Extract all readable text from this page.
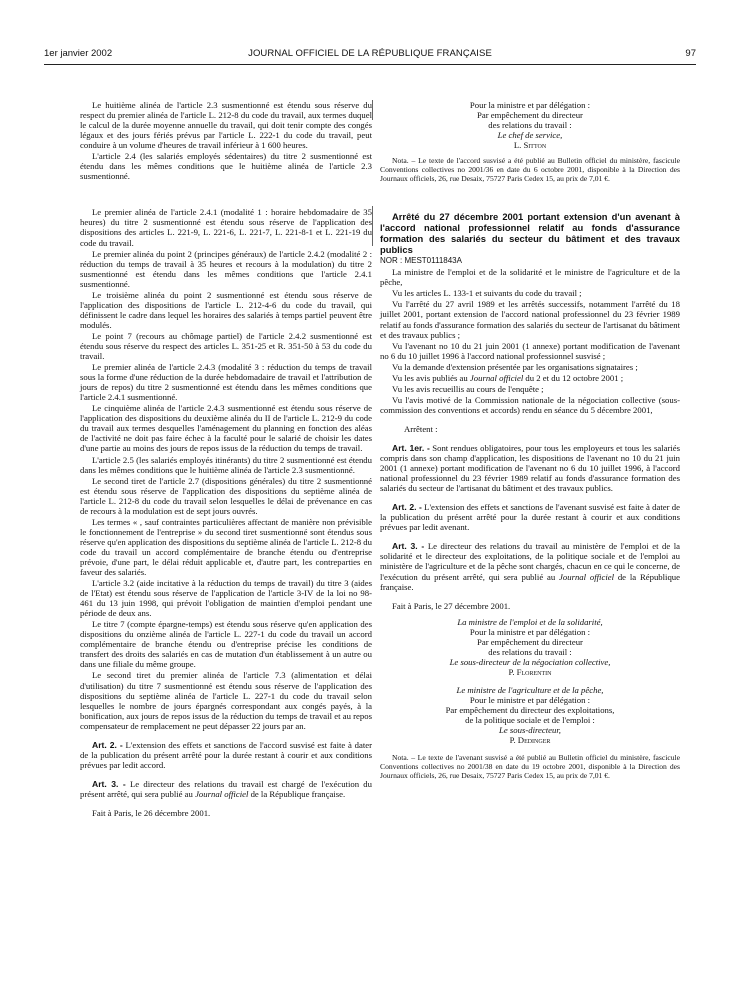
1er janvier 2002	JOURNAL OFFICIEL DE LA RÉPUBLIQUE FRANÇAISE	97

Le huitième alinéa de l'article 2.3 susmentionné est étendu sous réserve du respect du premier alinéa de l'article L. 212-8 du code du travail, aux termes duquel le calcul de la durée moyenne annuelle du travail, qui doit tenir compte des congés légaux et des jours fériés prévus par l'article L. 222-1 du code du travail, peut conduire à un volume d'heures de travail inférieur à 1 600 heures.

L'article 2.4 (les salariés employés sédentaires) du titre 2 susmentionné est étendu dans les mêmes conditions que le huitième alinéa de l'article 2.3 susmentionné.

Le premier alinéa de l'article 2.4.1 (modalité 1 : horaire hebdomadaire de 35 heures) du titre 2 susmentionné est étendu sous réserve de l'application des dispositions des articles L. 221-9, L. 221-6, L. 221-7, L. 221-8-1 et L. 221-19 du code du travail.

Le premier alinéa du point 2 (principes généraux) de l'article 2.4.2 (modalité 2 : réduction du temps de travail à 35 heures et recours à la modulation) du titre 2 susmentionné est étendu dans les mêmes conditions que l'article 2.4.1 susmentionné.

Le troisième alinéa du point 2 susmentionné est étendu sous réserve de l'application des dispositions de l'article L. 212-4-6 du code du travail, qui définissent le cadre dans lequel les horaires des salariés à temps partiel peuvent être modulés.

Le point 7 (recours au chômage partiel) de l'article 2.4.2 susmentionné est étendu sous réserve du respect des articles L. 351-25 et R. 351-50 à 53 du code du travail.

Le premier alinéa de l'article 2.4.3 (modalité 3 : réduction du temps de travail sous la forme d'une réduction de la durée hebdomadaire de travail et l'attribution de jours de repos) du titre 2 susmentionné est étendu dans les mêmes conditions que l'article 2.4.1 susmentionné.

Le cinquième alinéa de l'article 2.4.3 susmentionné est étendu sous réserve de l'application des dispositions du deuxième alinéa du II de l'article L. 212-9 du code du travail aux termes desquelles l'aménagement du planning en fonction des aléas de l'activité ne doit pas faire échec à la faculté pour le salarié de choisir les dates d'une partie au moins des jours de repos issus de la réduction du temps de travail.

L'article 2.5 (les salariés employés itinérants) du titre 2 susmentionné est étendu dans les mêmes conditions que le huitième alinéa de l'article 2.3 susmentionné.

Le second tiret de l'article 2.7 (dispositions générales) du titre 2 susmentionné est étendu sous réserve de l'application des dispositions du septième alinéa de l'article L. 212-8 du code du travail selon lesquelles le délai de prévenance en cas de recours à la modulation est de sept jours ouvrés.

Les termes « , sauf contraintes particulières affectant de manière non prévisible le fonctionnement de l'entreprise » du second tiret susmentionné sont étendus sous réserve qu'en application des dispositions du septième alinéa de l'article L. 212-8 du code du travail un accord complémentaire de branche étendu ou d'entreprise prévoie, d'une part, le délai réduit applicable et, d'autre part, les contreparties en faveur des salariés.

L'article 3.2 (aide incitative à la réduction du temps de travail) du titre 3 (aides de l'Etat) est étendu sous réserve de l'application de l'article 3-IV de la loi no 98-461 du 13 juin 1998, qui prévoit l'obligation de maintien d'emploi pendant une période de deux ans.

Le titre 7 (compte épargne-temps) est étendu sous réserve qu'en application des dispositions du onzième alinéa de l'article L. 227-1 du code du travail un accord complémentaire de branche étendu ou d'entreprise précise les conditions de transfert des droits des salariés en cas de mutation d'un établissement à un autre ou dans une filiale du même groupe.

Le second tiret du premier alinéa de l'article 7.3 (alimentation et délai d'utilisation) du titre 7 susmentionné est étendu sous réserve de l'application des dispositions du septième alinéa de l'article L. 227-1 du code du travail selon lesquelles le nombre de jours épargnés correspondant aux congés payés, à la bonification, aux jours de repos issus de la réduction du temps de travail et au repos compensateur de remplacement ne peut dépasser 22 jours par an.

Art. 2. - L'extension des effets et sanctions de l'accord susvisé est faite à dater de la publication du présent arrêté pour la durée restant à courir et aux conditions prévues par ledit accord.

Art. 3. - Le directeur des relations du travail est chargé de l'exécution du présent arrêté, qui sera publié au Journal officiel de la République française.

Fait à Paris, le 26 décembre 2001.

Pour la ministre et par délégation :

Par empêchement du directeur

des relations du travail :

Le chef de service,

L. Sitton

Nota. – Le texte de l'accord susvisé a été publié au Bulletin officiel du ministère, fascicule Conventions collectives no 2001/36 en date du 6 octobre 2001, disponible à la Direction des Journaux officiels, 26, rue Desaix, 75727 Paris Cedex 15, au prix de 7,01 €.

Arrêté du 27 décembre 2001 portant extension d'un avenant à l'accord national professionnel relatif au fonds d'assurance formation des salariés du secteur du bâtiment et des travaux publics

NOR : MEST0111843A

La ministre de l'emploi et de la solidarité et le ministre de l'agriculture et de la pêche,

Vu les articles L. 133-1 et suivants du code du travail ;

Vu l'arrêté du 27 avril 1989 et les arrêtés successifs, notamment l'arrêté du 18 juillet 2001, portant extension de l'accord national professionnel du 23 février 1989 relatif au fonds d'assurance formation des salariés du secteur de l'artisanat du bâtiment et des travaux publics ;

Vu l'avenant no 10 du 21 juin 2001 (1 annexe) portant modification de l'avenant no 6 du 10 juillet 1996 à l'accord national professionnel susvisé ;

Vu la demande d'extension présentée par les organisations signataires ;

Vu les avis publiés au Journal officiel du 2 et du 12 octobre 2001 ;

Vu les avis recueillis au cours de l'enquête ;

Vu l'avis motivé de la Commission nationale de la négociation collective (sous-commission des conventions et accords) rendu en séance du 5 décembre 2001,

Arrêtent :

Art. 1er. - Sont rendues obligatoires, pour tous les employeurs et tous les salariés compris dans son champ d'application, les dispositions de l'avenant no 10 du 21 juin 2001 (1 annexe) portant modification de l'avenant no 6 du 10 juillet 1996, à l'accord national professionnel du 23 février 1989 relatif au fonds d'assurance formation des salariés du secteur de l'artisanat du bâtiment et des travaux publics.

Art. 2. - L'extension des effets et sanctions de l'avenant susvisé est faite à dater de la publication du présent arrêté pour la durée restant à courir et aux conditions prévues par ledit avenant.

Art. 3. - Le directeur des relations du travail au ministère de l'emploi et de la solidarité et le directeur des exploitations, de la politique sociale et de l'emploi au ministère de l'agriculture et de la pêche sont chargés, chacun en ce qui le concerne, de l'exécution du présent arrêté, qui sera publié au Journal officiel de la République française.

Fait à Paris, le 27 décembre 2001.

La ministre de l'emploi et de la solidarité,

Pour la ministre et par délégation :

Par empêchement du directeur

des relations du travail :

Le sous-directeur de la négociation collective,

P. Florentin

Le ministre de l'agriculture et de la pêche,

Pour le ministre et par délégation :

Par empêchement du directeur des exploitations,

de la politique sociale et de l'emploi :

Le sous-directeur,

P. Dedinger

Nota. – Le texte de l'avenant susvisé a été publié au Bulletin officiel du ministère, fascicule Conventions collectives no 2001/38 en date du 19 octobre 2001, disponible à la Direction des Journaux officiels, 26, rue Desaix, 75727 Paris Cedex 15, au prix de 7,01 €.
